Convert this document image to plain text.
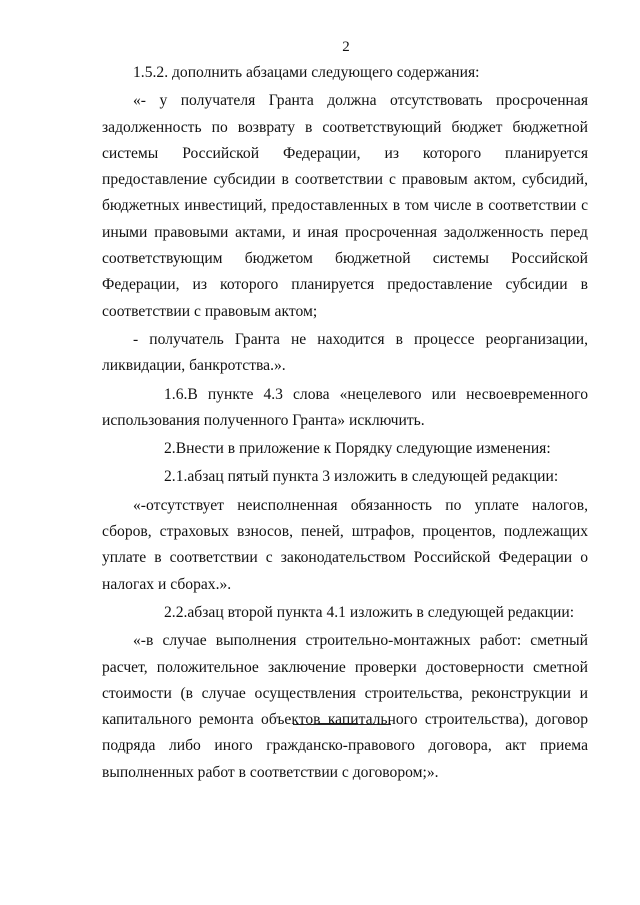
2

1.5.2. дополнить абзацами следующего содержания:

«- у получателя Гранта должна отсутствовать просроченная задолженность по возврату в соответствующий бюджет бюджетной системы Российской Федерации, из которого планируется предоставление субсидии в соответствии с правовым актом, субсидий, бюджетных инвестиций, предоставленных в том числе в соответствии с иными правовыми актами, и иная просроченная задолженность перед соответствующим бюджетом бюджетной системы Российской Федерации, из которого планируется предоставление субсидии в соответствии с правовым актом;

- получатель Гранта не находится в процессе реорганизации, ликвидации, банкротства.».

1.6.В пункте 4.3 слова «нецелевого или несвоевременного использования полученного Гранта» исключить.

2.Внести в приложение к Порядку следующие изменения:

2.1.абзац пятый пункта 3 изложить в следующей редакции:

«-отсутствует неисполненная обязанность по уплате налогов, сборов, страховых взносов, пеней, штрафов, процентов, подлежащих уплате в соответствии с законодательством Российской Федерации о налогах и сборах.».

2.2.абзац второй пункта 4.1 изложить в следующей редакции:

«-в случае выполнения строительно-монтажных работ: сметный расчет, положительное заключение проверки достоверности сметной стоимости (в случае осуществления строительства, реконструкции и капитального ремонта объектов капитального строительства), договор подряда либо иного гражданско-правового договора, акт приема выполненных работ в соответствии с договором;».
